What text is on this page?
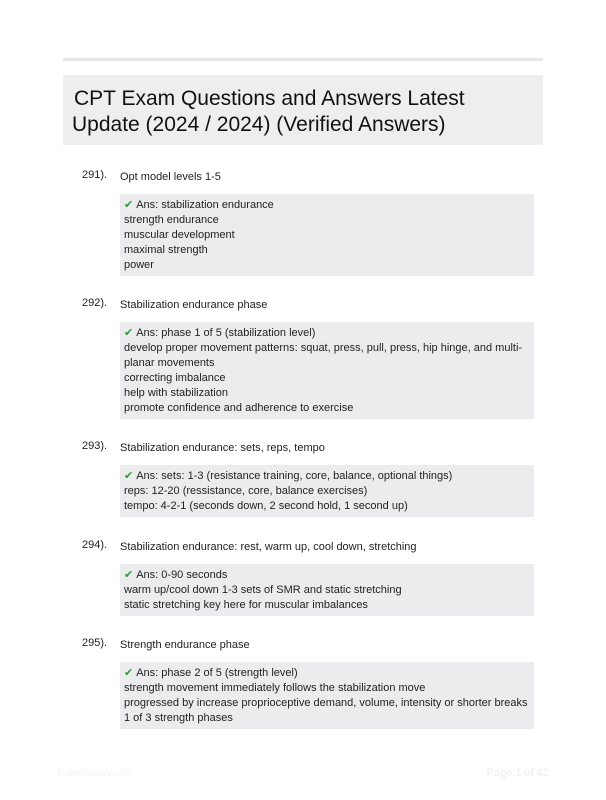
CPT Exam Questions and Answers Latest
Update (2024 / 2024) (Verified Answers)
291). Opt model levels 1-5
✔ Ans: stabilization endurance
strength endurance
muscular development
maximal strength
power
292). Stabilization endurance phase
✔ Ans: phase 1 of 5 (stabilization level)
develop proper movement patterns: squat, press, pull, press, hip hinge, and multi-
planar movements
correcting imbalance
help with stabilization
promote confidence and adherence to exercise
293). Stabilization endurance: sets, reps, tempo
✔ Ans: sets: 1-3 (resistance training, core, balance, optional things)
reps: 12-20 (ressistance, core, balance exercises)
tempo: 4-2-1 (seconds down, 2 second hold, 1 second up)
294). Stabilization endurance: rest, warm up, cool down, stretching
✔ Ans: 0-90 seconds
warm up/cool down 1-3 sets of SMR and static stretching
static stretching key here for muscular imbalances
295). Strength endurance phase
✔ Ans: phase 2 of 5 (strength level)
strength movement immediately follows the stabilization move
progressed by increase proprioceptive demand, volume, intensity or shorter breaks
1 of 3 strength phases
Paperlibrary.com	Page 1 of 42
